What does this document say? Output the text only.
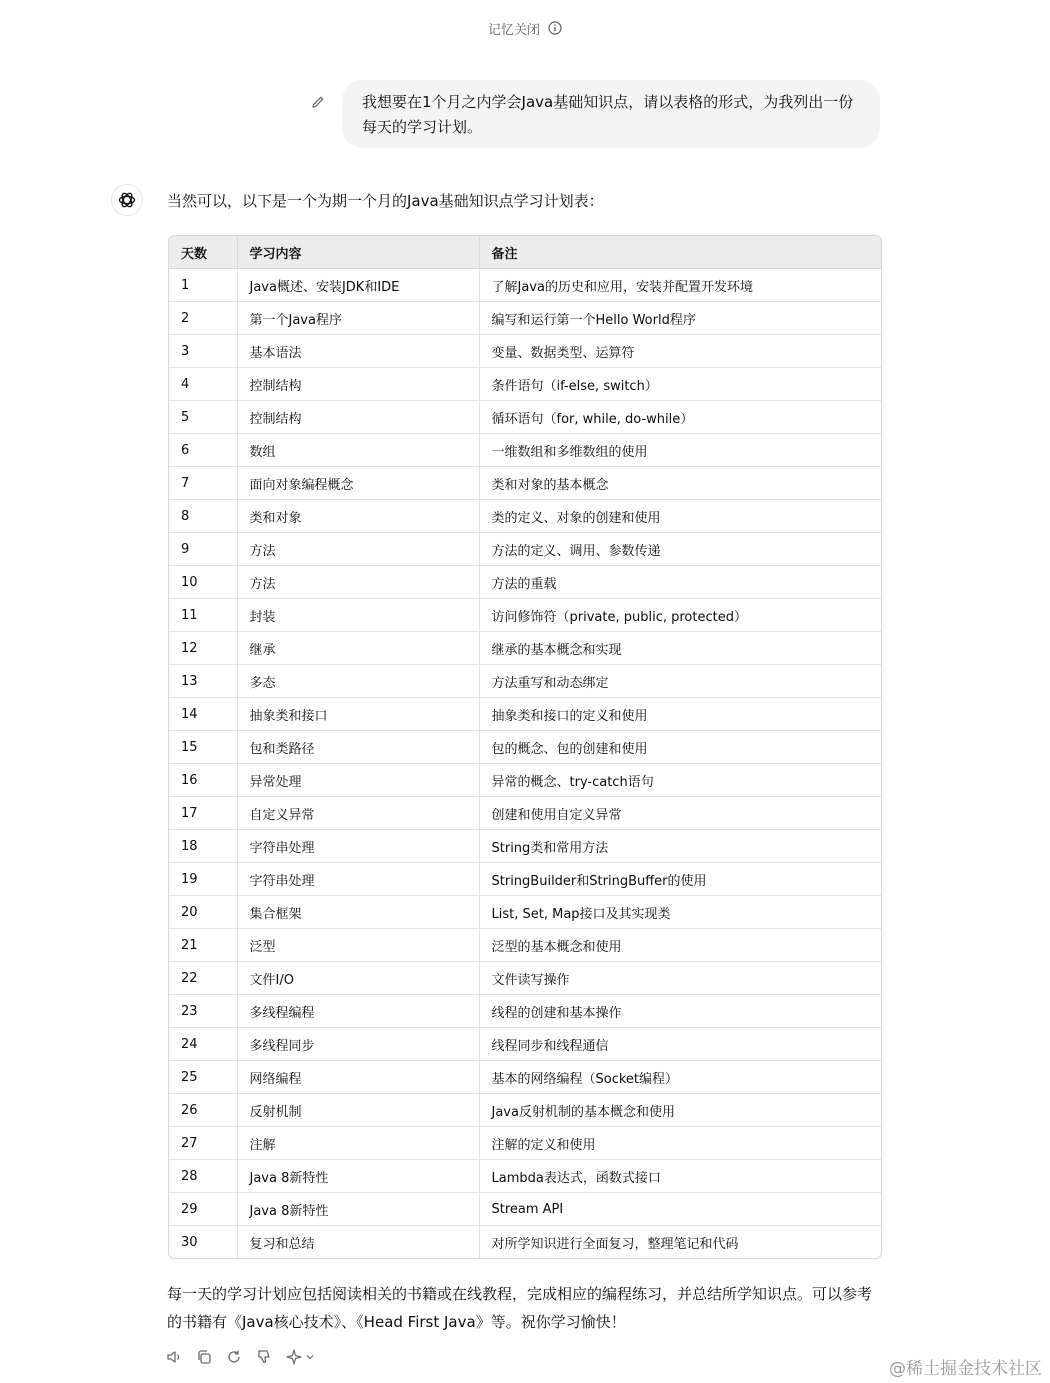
记忆关闭
我想要在1个月之内学会Java基础知识点，请以表格的形式，为我列出一份每天的学习计划。
当然可以，以下是一个为期一个月的Java基础知识点学习计划表：
天数	学习内容	备注
1	Java概述、安装JDK和IDE	了解Java的历史和应用，安装并配置开发环境
2	第一个Java程序	编写和运行第一个Hello World程序
3	基本语法	变量、数据类型、运算符
4	控制结构	条件语句（if-else, switch）
5	控制结构	循环语句（for, while, do-while）
6	数组	一维数组和多维数组的使用
7	面向对象编程概念	类和对象的基本概念
8	类和对象	类的定义、对象的创建和使用
9	方法	方法的定义、调用、参数传递
10	方法	方法的重载
11	封装	访问修饰符（private, public, protected）
12	继承	继承的基本概念和实现
13	多态	方法重写和动态绑定
14	抽象类和接口	抽象类和接口的定义和使用
15	包和类路径	包的概念、包的创建和使用
16	异常处理	异常的概念、try-catch语句
17	自定义异常	创建和使用自定义异常
18	字符串处理	String类和常用方法
19	字符串处理	StringBuilder和StringBuffer的使用
20	集合框架	List, Set, Map接口及其实现类
21	泛型	泛型的基本概念和使用
22	文件I/O	文件读写操作
23	多线程编程	线程的创建和基本操作
24	多线程同步	线程同步和线程通信
25	网络编程	基本的网络编程（Socket编程）
26	反射机制	Java反射机制的基本概念和使用
27	注解	注解的定义和使用
28	Java 8新特性	Lambda表达式，函数式接口
29	Java 8新特性	Stream API
30	复习和总结	对所学知识进行全面复习，整理笔记和代码
每一天的学习计划应包括阅读相关的书籍或在线教程，完成相应的编程练习，并总结所学知识点。可以参考的书籍有《Java核心技术》、《Head First Java》等。祝你学习愉快！
@稀土掘金技术社区
